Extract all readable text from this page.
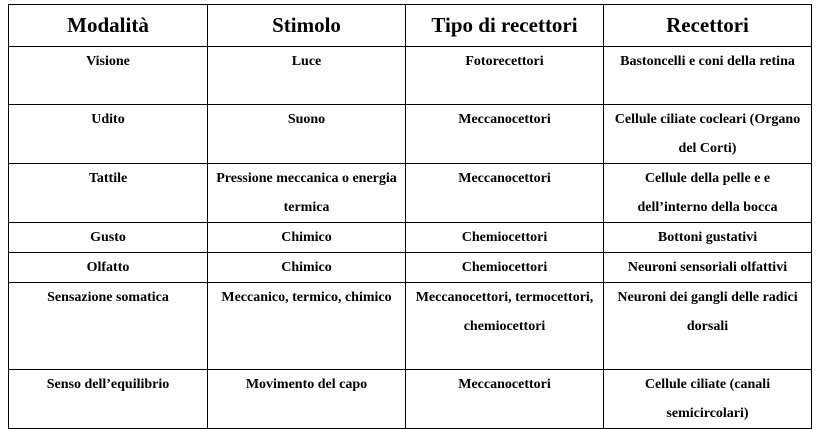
Modalità	Stimolo	Tipo di recettori	Recettori
Visione	Luce	Fotorecettori	Bastoncelli e coni della retina
Udito	Suono	Meccanocettori	Cellule ciliate cocleari (Organo del Corti)
Tattile	Pressione meccanica o energia termica	Meccanocettori	Cellule della pelle e e dell’interno della bocca
Gusto	Chimico	Chemiocettori	Bottoni gustativi
Olfatto	Chimico	Chemiocettori	Neuroni sensoriali olfattivi
Sensazione somatica	Meccanico, termico, chimico	Meccanocettori, termocettori, chemiocettori	Neuroni dei gangli delle radici dorsali
Senso dell’equilibrio	Movimento del capo	Meccanocettori	Cellule ciliate (canali semicircolari)
